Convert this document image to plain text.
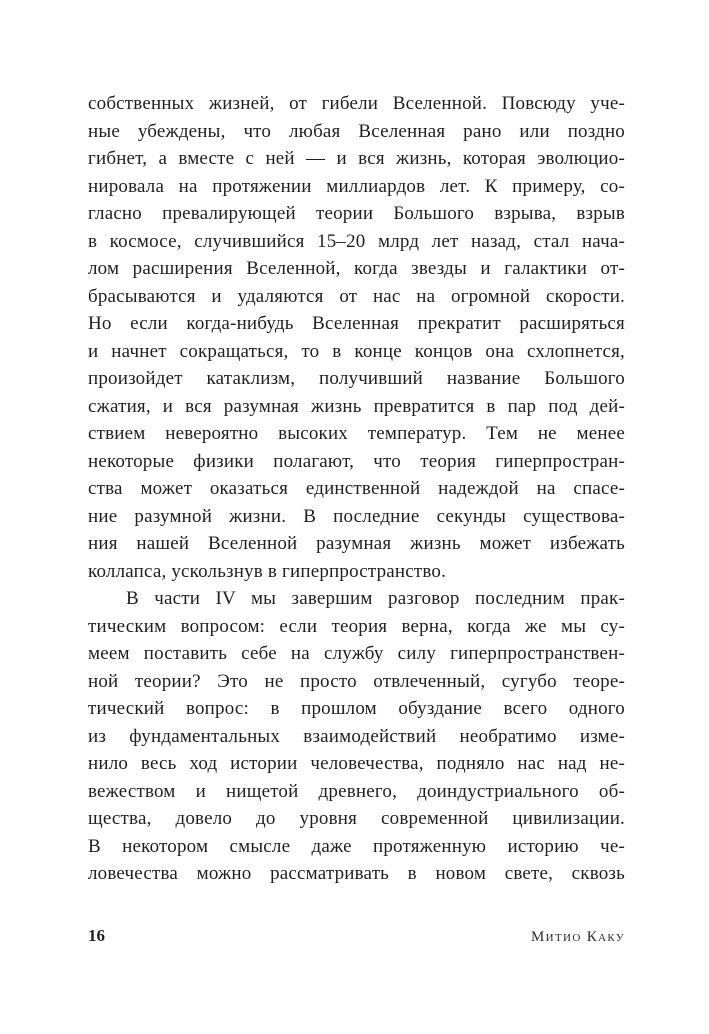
собственных жизней, от гибели Вселенной. Повсюду уче-
ные убеждены, что любая Вселенная рано или поздно
гибнет, а вместе с ней — и вся жизнь, которая эволюцио-
нировала на протяжении миллиардов лет. К примеру, со-
гласно превалирующей теории Большого взрыва, взрыв
в космосе, случившийся 15–20 млрд лет назад, стал нача-
лом расширения Вселенной, когда звезды и галактики от-
брасываются и удаляются от нас на огромной скорости.
Но если когда-нибудь Вселенная прекратит расширяться
и начнет сокращаться, то в конце концов она схлопнется,
произойдет катаклизм, получивший название Большого
сжатия, и вся разумная жизнь превратится в пар под дей-
ствием невероятно высоких температур. Тем не менее
некоторые физики полагают, что теория гиперпростран-
ства может оказаться единственной надеждой на спасе-
ние разумной жизни. В последние секунды существова-
ния нашей Вселенной разумная жизнь может избежать
коллапса, ускользнув в гиперпространство.
В части IV мы завершим разговор последним прак-
тическим вопросом: если теория верна, когда же мы су-
меем поставить себе на службу силу гиперпространствен-
ной теории? Это не просто отвлеченный, сугубо теоре-
тический вопрос: в прошлом обуздание всего одного
из фундаментальных взаимодействий необратимо изме-
нило весь ход истории человечества, подняло нас над не-
вежеством и нищетой древнего, доиндустриального об-
щества, довело до уровня современной цивилизации.
В некотором смысле даже протяженную историю че-
ловечества можно рассматривать в новом свете, сквозь
16	Митио Каку
